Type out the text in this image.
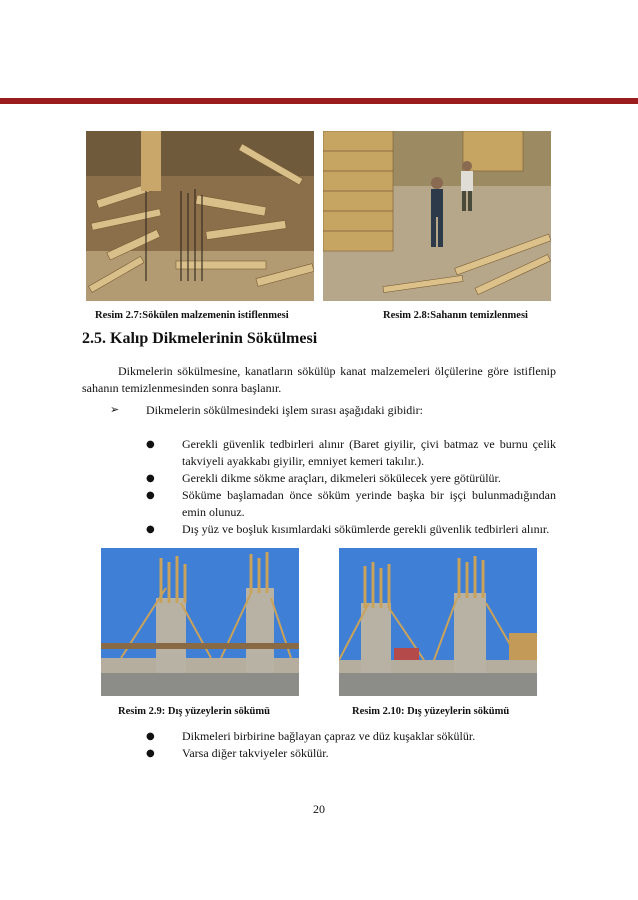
Resim 2.7:Sökülen malzemenin istiflenmesi	Resim 2.8:Sahanın temizlenmesi
2.5. Kalıp Dikmelerinin Sökülmesi
Dikmelerin sökülmesine, kanatların sökülüp kanat malzemeleri ölçülerine göre istiflenip sahanın temizlenmesinden sonra başlanır.
➢ Dikmelerin sökülmesindeki işlem sırası aşağıdaki gibidir:
● Gerekli güvenlik tedbirleri alınır (Baret giyilir, çivi batmaz ve burnu çelik takviyeli ayakkabı giyilir, emniyet kemeri takılır.).
● Gerekli dikme sökme araçları, dikmeleri sökülecek yere götürülür.
● Söküme başlamadan önce söküm yerinde başka bir işçi bulunmadığından emin olunuz.
● Dış yüz ve boşluk kısımlardaki sökümlerde gerekli güvenlik tedbirleri alınır.
Resim 2.9: Dış yüzeylerin sökümü	Resim 2.10: Dış yüzeylerin sökümü
● Dikmeleri birbirine bağlayan çapraz ve düz kuşaklar sökülür.
● Varsa diğer takviyeler sökülür.
20
